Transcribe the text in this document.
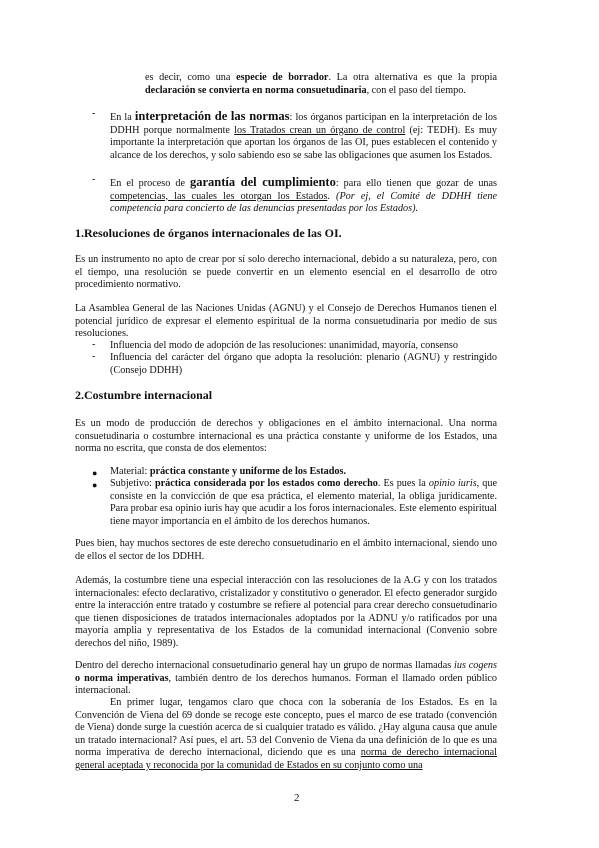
es decir, como una especie de borrador. La otra alternativa es que la propia declaración se convierta en norma consuetudinaria, con el paso del tiempo.
- En la interpretación de las normas: los órganos participan en la interpretación de los DDHH porque normalmente los Tratados crean un órgano de control (ej: TEDH). Es muy importante la interpretación que aportan los órganos de las OI, pues establecen el contenido y alcance de los derechos, y solo sabiendo eso se sabe las obligaciones que asumen los Estados.
- En el proceso de garantía del cumplimiento: para ello tienen que gozar de unas competencias, las cuales les otorgan los Estados. (Por ej, el Comité de DDHH tiene competencia para concierto de las denuncias presentadas por los Estados).
1.Resoluciones de órganos internacionales de las OI.
Es un instrumento no apto de crear por sí solo derecho internacional, debido a su naturaleza, pero, con el tiempo, una resolución se puede convertir en un elemento esencial en el desarrollo de otro procedimiento normativo.
La Asamblea General de las Naciones Unidas (AGNU) y el Consejo de Derechos Humanos tienen el potencial jurídico de expresar el elemento espiritual de la norma consuetudinaria por medio de sus resoluciones.
- Influencia del modo de adopción de las resoluciones: unanimidad, mayoría, consenso
- Influencia del carácter del órgano que adopta la resolución: plenario (AGNU) y restringido (Consejo DDHH)
2.Costumbre internacional
Es un modo de producción de derechos y obligaciones en el ámbito internacional. Una norma consuetudinaria o costumbre internacional es una práctica constante y uniforme de los Estados, una norma no escrita, que consta de dos elementos:
● Material: práctica constante y uniforme de los Estados.
● Subjetivo: práctica considerada por los estados como derecho. Es pues la opinio iuris, que consiste en la convicción de que esa práctica, el elemento material, la obliga jurídicamente. Para probar esa opinio iuris hay que acudir a los foros internacionales. Este elemento espiritual tiene mayor importancia en el ámbito de los derechos humanos.
Pues bien, hay muchos sectores de este derecho consuetudinario en el ámbito internacional, siendo uno de ellos el sector de los DDHH.
Además, la costumbre tiene una especial interacción con las resoluciones de la A.G y con los tratados internacionales: efecto declarativo, cristalizador y constitutivo o generador. El efecto generador surgido entre la interacción entre tratado y costumbre se refiere al potencial para crear derecho consuetudinario que tienen disposiciones de tratados internacionales adoptados por la ADNU y/o ratificados por una mayoría amplia y representativa de los Estados de la comunidad internacional (Convenio sobre derechos del niño, 1989).
Dentro del derecho internacional consuetudinario general hay un grupo de normas llamadas ius cogens o norma imperativas, también dentro de los derechos humanos. Forman el llamado orden público internacional.
En primer lugar, tengamos claro que choca con la soberanía de los Estados. Es en la Convención de Viena del 69 donde se recoge este concepto, pues el marco de ese tratado (convención de Viena) donde surge la cuestión acerca de si cualquier tratado es válido. ¿Hay alguna causa que anule un tratado internacional? Así pues, el art. 53 del Convenio de Viena da una definición de lo que es una norma imperativa de derecho internacional, diciendo que es una norma de derecho internacional general aceptada y reconocida por la comunidad de Estados en su conjunto como una
2
